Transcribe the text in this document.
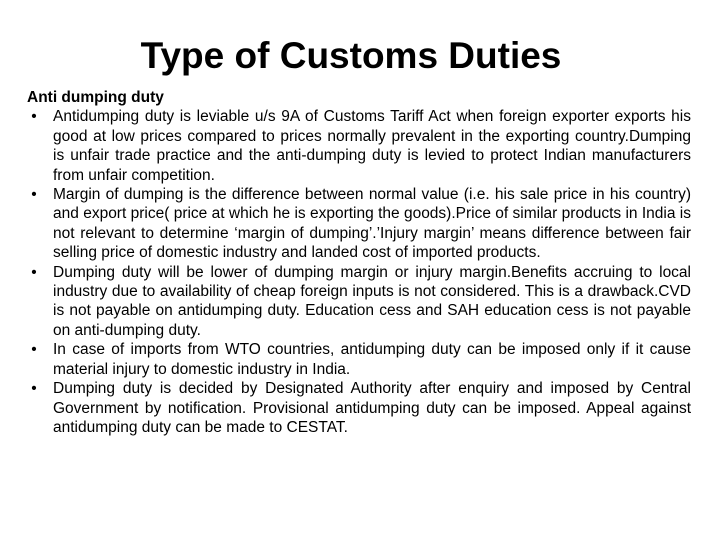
Type of Customs Duties

Anti dumping duty

• Antidumping duty is leviable u/s 9A of Customs Tariff Act when foreign exporter exports his good at low prices compared to prices normally prevalent in the exporting country.Dumping is unfair trade practice and the anti-dumping duty is levied to protect Indian manufacturers from unfair competition.
• Margin of dumping is the difference between normal value (i.e. his sale price in his country) and export price( price at which he is exporting the goods).Price of similar products in India is not relevant to determine ‘margin of dumping’.’Injury margin’ means difference between fair selling price of domestic industry and landed cost of imported products.
• Dumping duty will be lower of dumping margin or injury margin.Benefits accruing to local industry due to availability of cheap foreign inputs is not considered. This is a drawback.CVD is not payable on antidumping duty. Education cess and SAH education cess is not payable on anti-dumping duty.
• In case of imports from WTO countries, antidumping duty can be imposed only if it cause material injury to domestic industry in India.
• Dumping duty is decided by Designated Authority after enquiry and imposed by Central Government by notification. Provisional antidumping duty can be imposed. Appeal against antidumping duty can be made to CESTAT.
